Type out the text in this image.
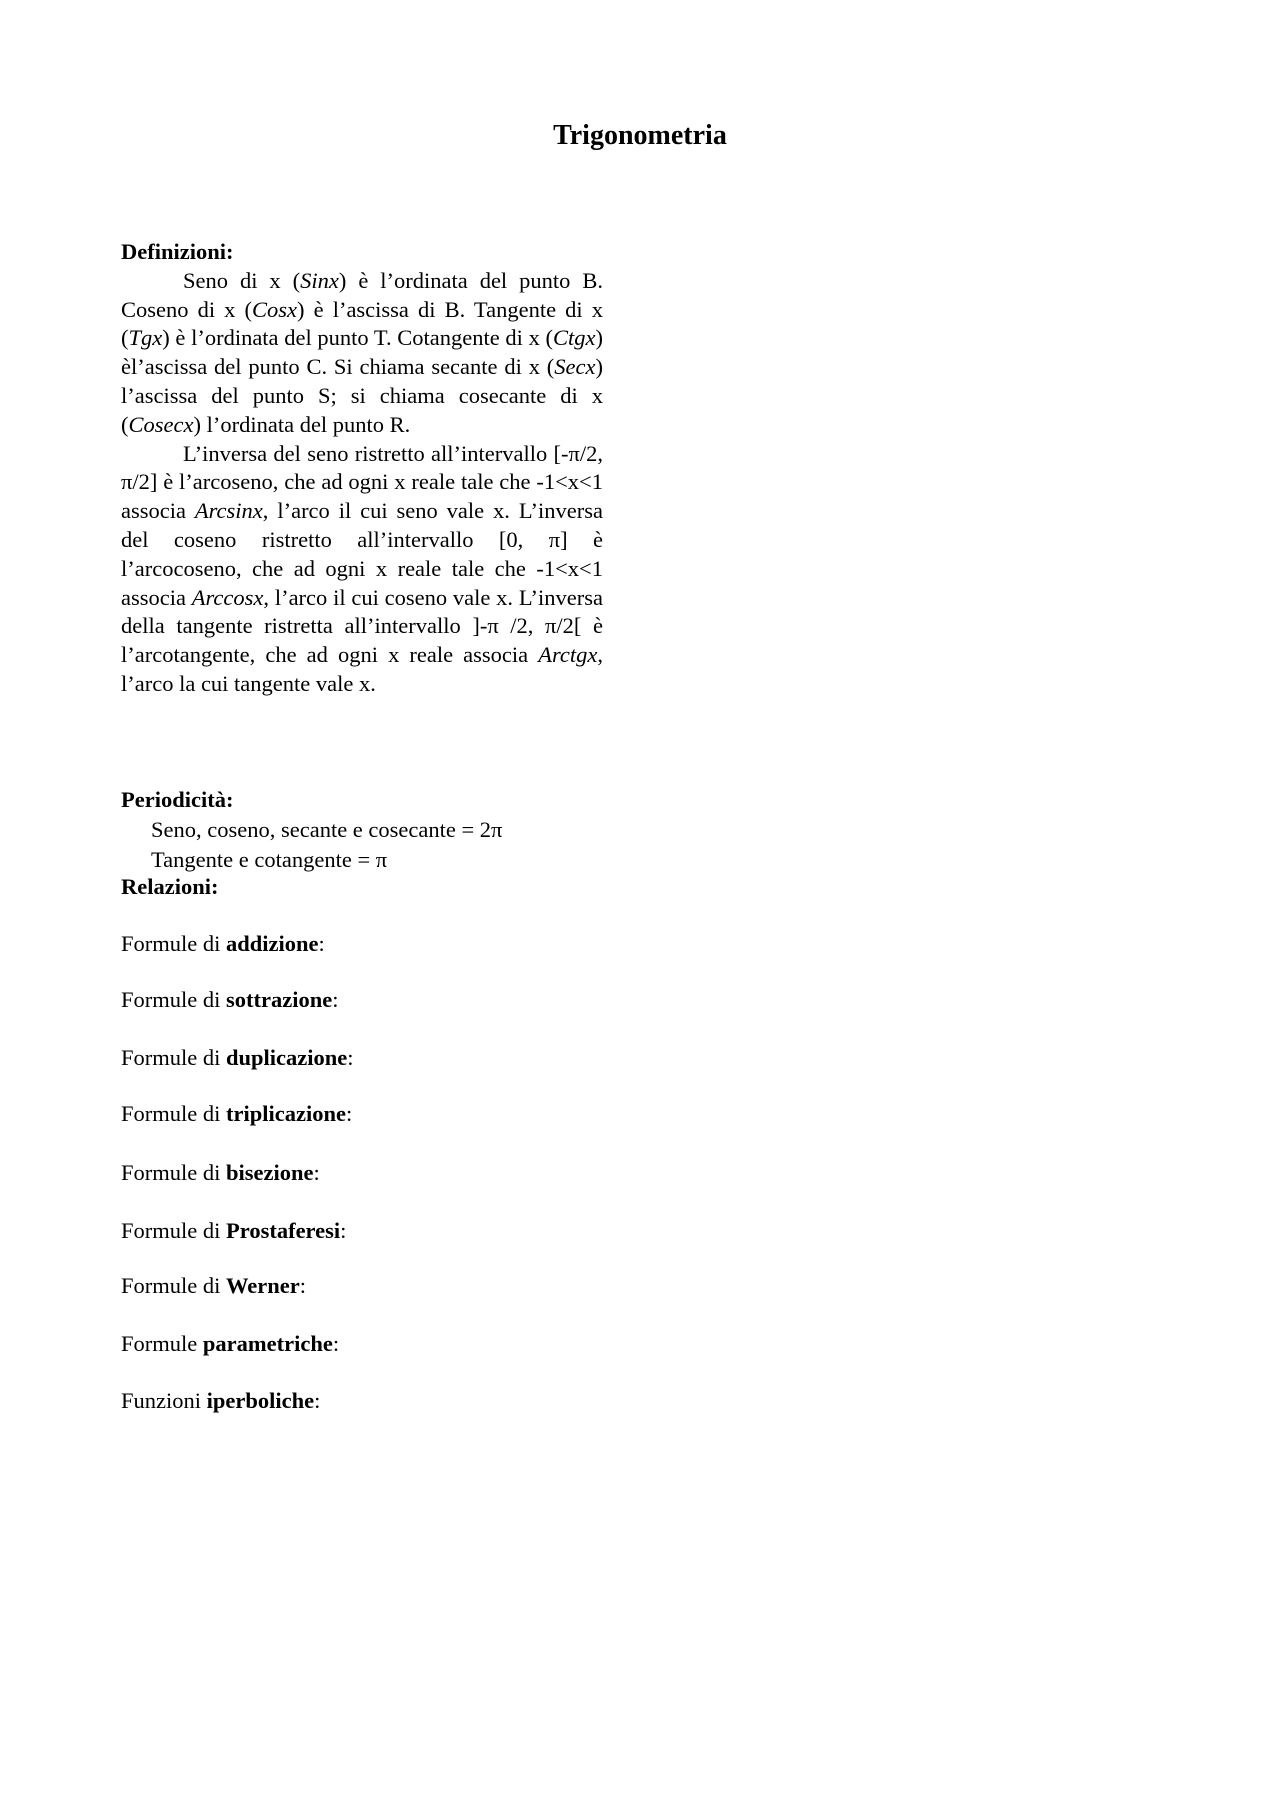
Trigonometria

Definizioni:

Seno di x (Sinx) è l’ordinata del punto B. Coseno di x (Cosx) è l’ascissa di B. Tangente di x (Tgx) è l’ordinata del punto T. Cotangente di x (Ctgx) èl’ascissa del punto C. Si chiama secante di x (Secx) l’ascissa del punto S; si chiama cosecante di x (Cosecx) l’ordinata del punto R.

L’inversa del seno ristretto all’intervallo [-π/2, π/2] è l’arcoseno, che ad ogni x reale tale che -1<x<1 associa Arcsinx, l’arco il cui seno vale x. L’inversa del coseno ristretto all’intervallo [0, π] è l’arcocoseno, che ad ogni x reale tale che -1<x<1 associa Arccosx, l’arco il cui coseno vale x. L’inversa della tangente ristretta all’intervallo ]-π /2, π/2[ è l’arcotangente, che ad ogni x reale associa Arctgx, l’arco la cui tangente vale x.

Periodicità:

Seno, coseno, secante e cosecante = 2π

Tangente e cotangente = π

Relazioni:

Formule di addizione:
Formule di sottrazione:
Formule di duplicazione:
Formule di triplicazione:
Formule di bisezione:
Formule di Prostaferesi:
Formule di Werner:
Formule parametriche:
Funzioni iperboliche:
